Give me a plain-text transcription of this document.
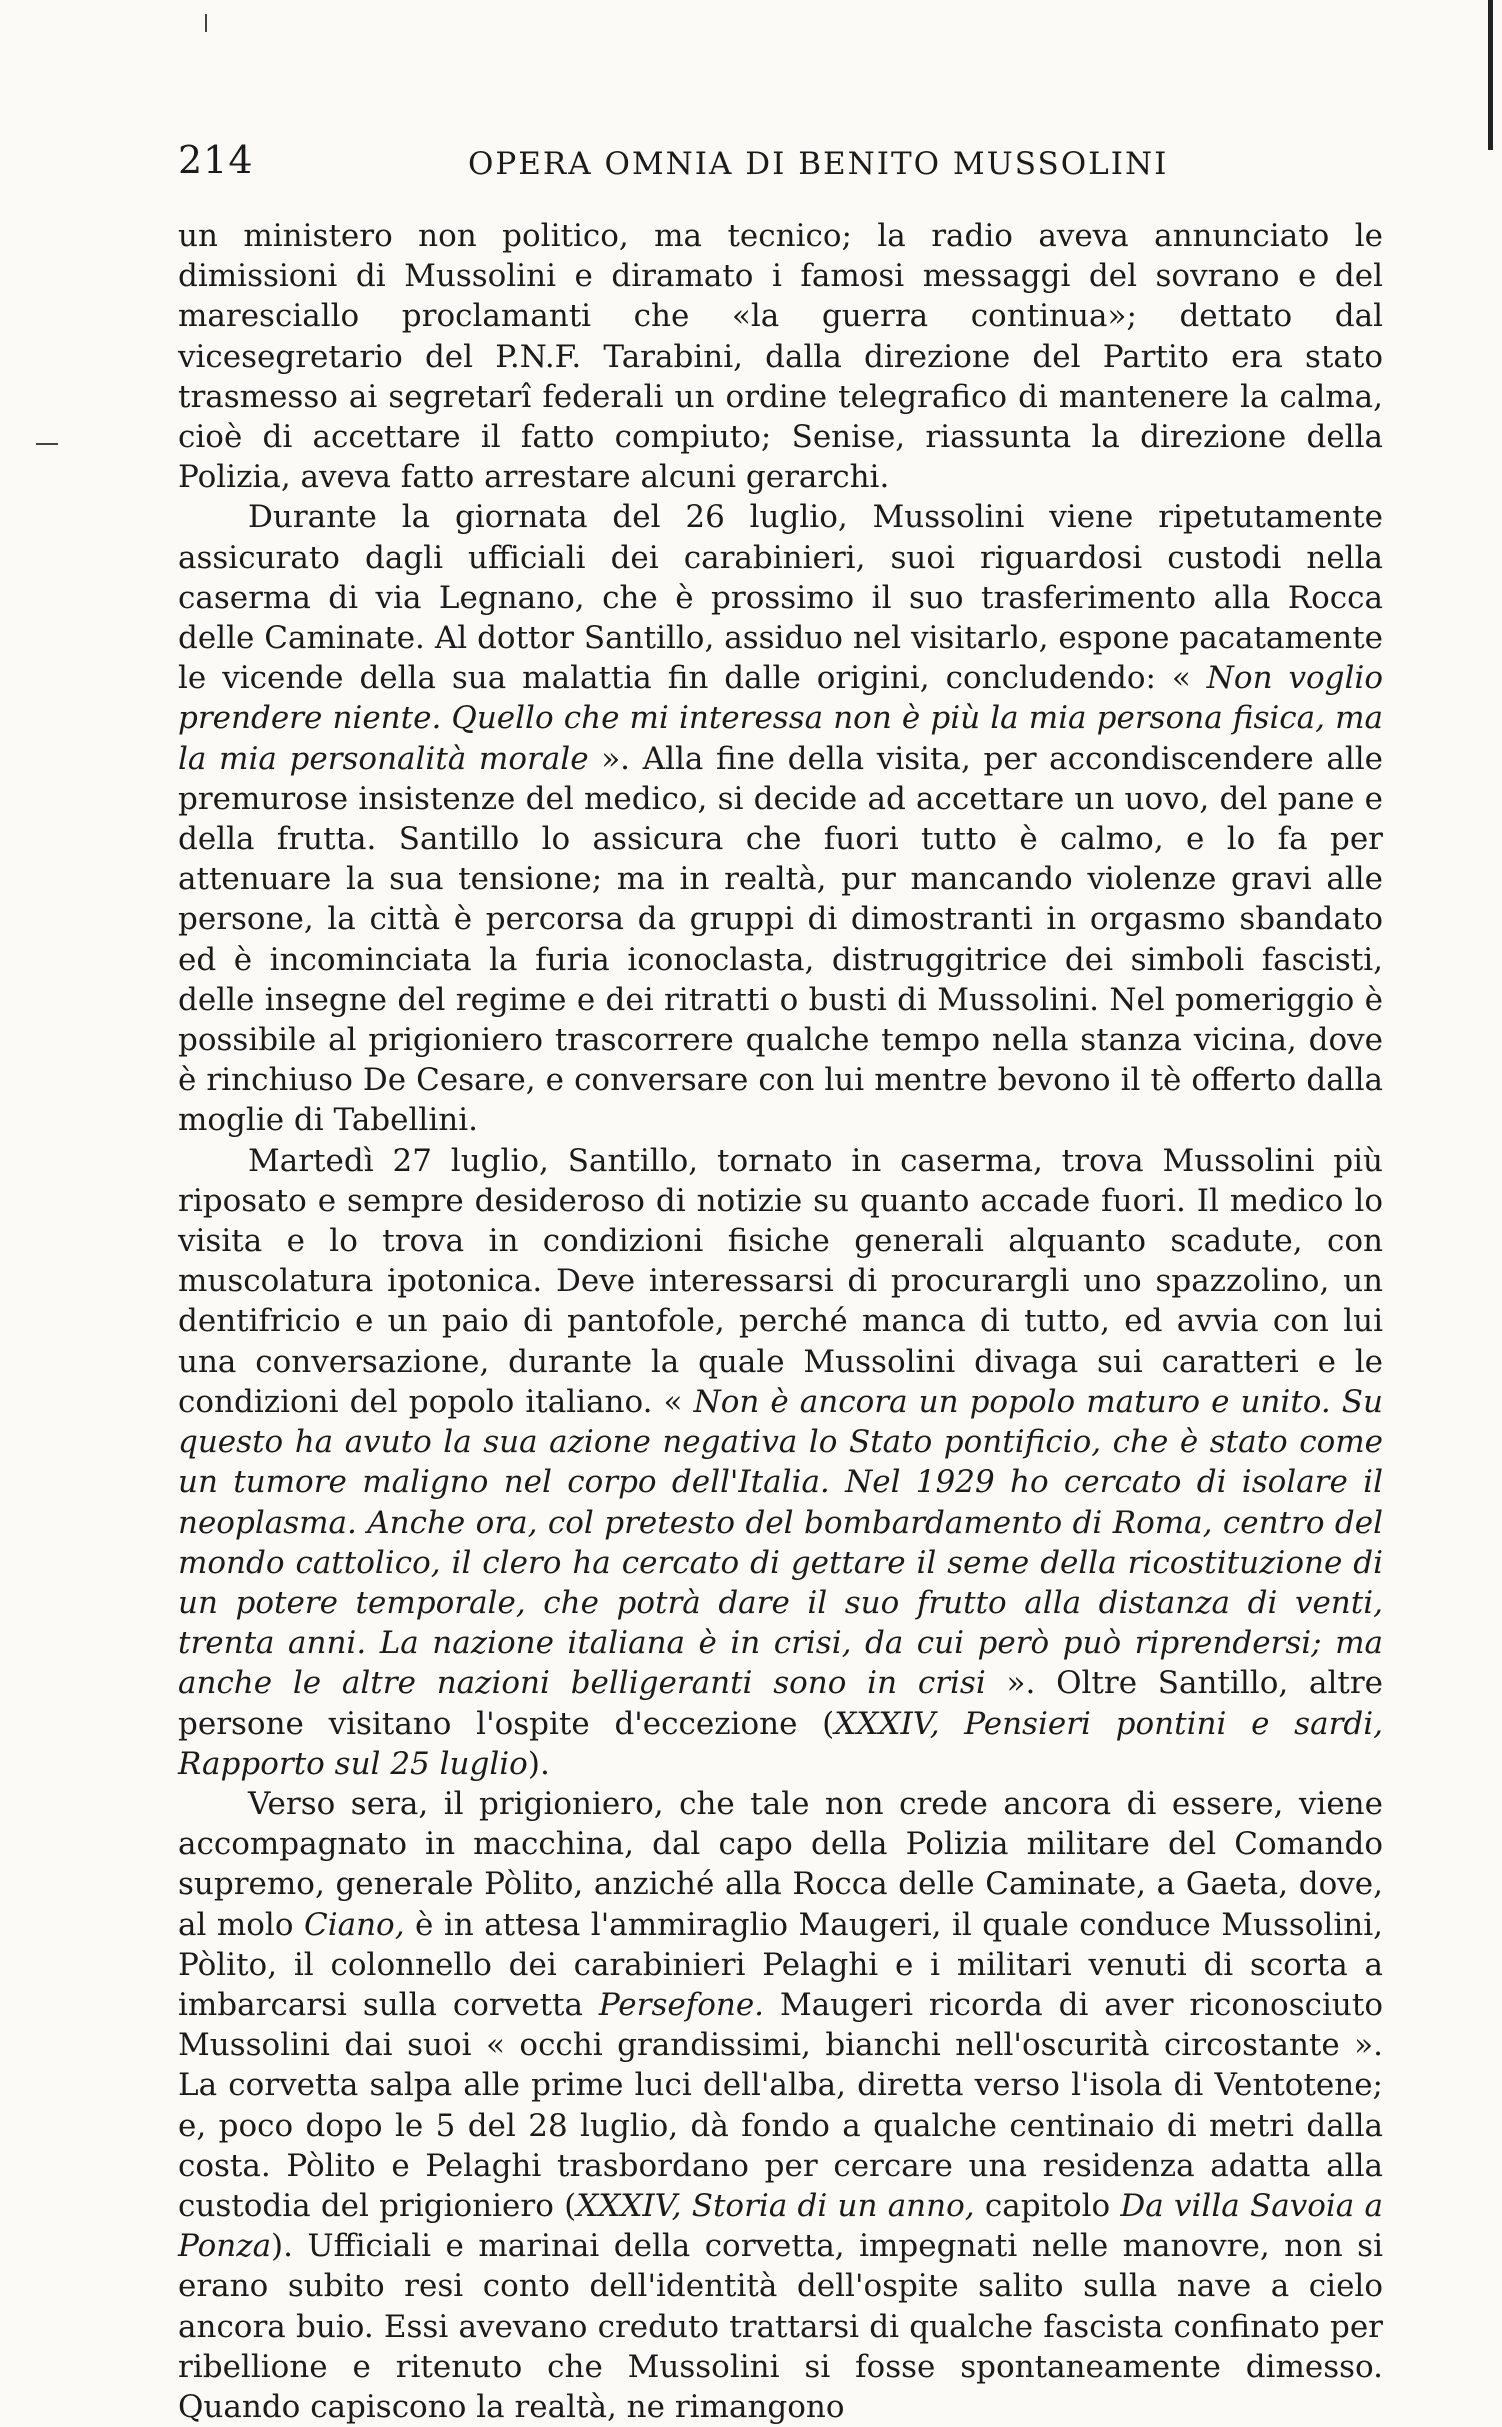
214	OPERA OMNIA DI BENITO MUSSOLINI

un ministero non politico, ma tecnico; la radio aveva annunciato le dimissioni di Mussolini e diramato i famosi messaggi del sovrano e del maresciallo proclamanti che «la guerra continua»; dettato dal vicesegretario del P.N.F. Tarabini, dalla direzione del Partito era stato trasmesso ai segretarî federali un ordine telegrafico di mantenere la calma, cioè di accettare il fatto compiuto; Senise, riassunta la direzione della Polizia, aveva fatto arrestare alcuni gerarchi.

Durante la giornata del 26 luglio, Mussolini viene ripetutamente assicurato dagli ufficiali dei carabinieri, suoi riguardosi custodi nella caserma di via Legnano, che è prossimo il suo trasferimento alla Rocca delle Caminate. Al dottor Santillo, assiduo nel visitarlo, espone pacatamente le vicende della sua malattia fin dalle origini, concludendo: « Non voglio prendere niente. Quello che mi interessa non è più la mia persona fisica, ma la mia personalità morale ». Alla fine della visita, per accondiscendere alle premurose insistenze del medico, si decide ad accettare un uovo, del pane e della frutta. Santillo lo assicura che fuori tutto è calmo, e lo fa per attenuare la sua tensione; ma in realtà, pur mancando violenze gravi alle persone, la città è percorsa da gruppi di dimostranti in orgasmo sbandato ed è incominciata la furia iconoclasta, distruggitrice dei simboli fascisti, delle insegne del regime e dei ritratti o busti di Mussolini. Nel pomeriggio è possibile al prigioniero trascorrere qualche tempo nella stanza vicina, dove è rinchiuso De Cesare, e conversare con lui mentre bevono il tè offerto dalla moglie di Tabellini.

Martedì 27 luglio, Santillo, tornato in caserma, trova Mussolini più riposato e sempre desideroso di notizie su quanto accade fuori. Il medico lo visita e lo trova in condizioni fisiche generali alquanto scadute, con muscolatura ipotonica. Deve interessarsi di procurargli uno spazzolino, un dentifricio e un paio di pantofole, perché manca di tutto, ed avvia con lui una conversazione, durante la quale Mussolini divaga sui caratteri e le condizioni del popolo italiano. « Non è ancora un popolo maturo e unito. Su questo ha avuto la sua azione negativa lo Stato pontificio, che è stato come un tumore maligno nel corpo dell'Italia. Nel 1929 ho cercato di isolare il neoplasma. Anche ora, col pretesto del bombardamento di Roma, centro del mondo cattolico, il clero ha cercato di gettare il seme della ricostituzione di un potere temporale, che potrà dare il suo frutto alla distanza di venti, trenta anni. La nazione italiana è in crisi, da cui però può riprendersi; ma anche le altre nazioni belligeranti sono in crisi ». Oltre Santillo, altre persone visitano l'ospite d'eccezione (XXXIV, Pensieri pontini e sardi, Rapporto sul 25 luglio).

Verso sera, il prigioniero, che tale non crede ancora di essere, viene accompagnato in macchina, dal capo della Polizia militare del Comando supremo, generale Pòlito, anziché alla Rocca delle Caminate, a Gaeta, dove, al molo Ciano, è in attesa l'ammiraglio Maugeri, il quale conduce Mussolini, Pòlito, il colonnello dei carabinieri Pelaghi e i militari venuti di scorta a imbarcarsi sulla corvetta Persefone. Maugeri ricorda di aver riconosciuto Mussolini dai suoi « occhi grandissimi, bianchi nell'oscurità circostante ». La corvetta salpa alle prime luci dell'alba, diretta verso l'isola di Ventotene; e, poco dopo le 5 del 28 luglio, dà fondo a qualche centinaio di metri dalla costa. Pòlito e Pelaghi trasbordano per cercare una residenza adatta alla custodia del prigioniero (XXXIV, Storia di un anno, capitolo Da villa Savoia a Ponza). Ufficiali e marinai della corvetta, impegnati nelle manovre, non si erano subito resi conto dell'identità dell'ospite salito sulla nave a cielo ancora buio. Essi avevano creduto trattarsi di qualche fascista confinato per ribellione e ritenuto che Mussolini si fosse spontaneamente dimesso. Quando capiscono la realtà, ne rimangono
